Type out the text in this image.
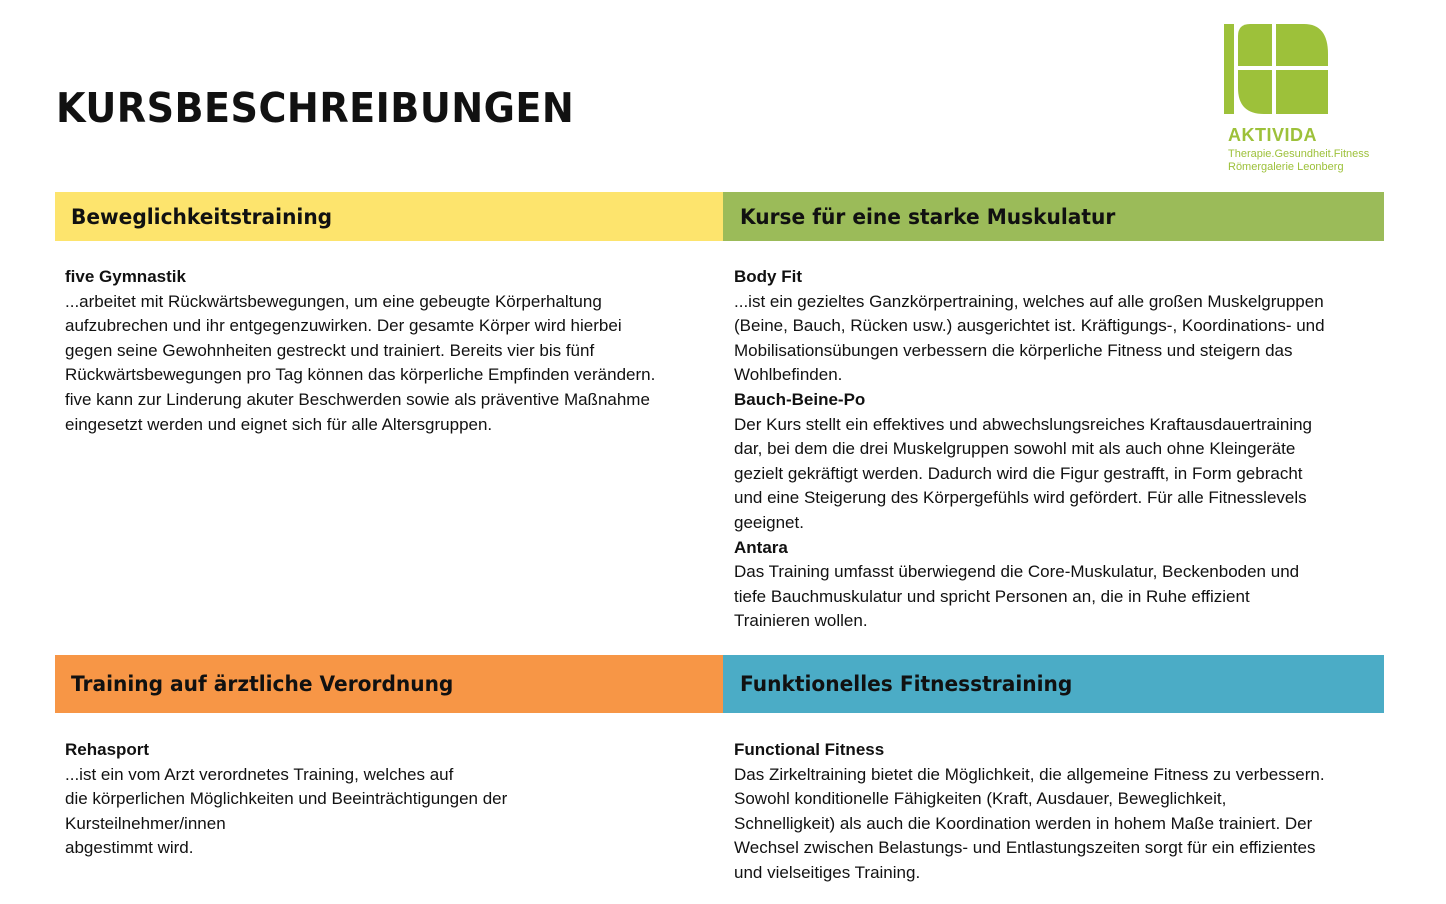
KURSBESCHREIBUNGEN
AKTIVIDA
Therapie.Gesundheit.Fitness
Römergalerie Leonberg
Beweglichkeitstraining	Kurse für eine starke Muskulatur
five Gymnastik
...arbeitet mit Rückwärtsbewegungen, um eine gebeugte Körperhaltung
aufzubrechen und ihr entgegenzuwirken. Der gesamte Körper wird hierbei
gegen seine Gewohnheiten gestreckt und trainiert. Bereits vier bis fünf
Rückwärtsbewegungen pro Tag können das körperliche Empfinden verändern.
five kann zur Linderung akuter Beschwerden sowie als präventive Maßnahme
eingesetzt werden und eignet sich für alle Altersgruppen.
Body Fit
...ist ein gezieltes Ganzkörpertraining, welches auf alle großen Muskelgruppen
(Beine, Bauch, Rücken usw.) ausgerichtet ist. Kräftigungs-, Koordinations- und
Mobilisationsübungen verbessern die körperliche Fitness und steigern das
Wohlbefinden.
Bauch-Beine-Po
Der Kurs stellt ein effektives und abwechslungsreiches Kraftausdauertraining
dar, bei dem die drei Muskelgruppen sowohl mit als auch ohne Kleingeräte
gezielt gekräftigt werden. Dadurch wird die Figur gestrafft, in Form gebracht
und eine Steigerung des Körpergefühls wird gefördert. Für alle Fitnesslevels
geeignet.
Antara
Das Training umfasst überwiegend die Core-Muskulatur, Beckenboden und
tiefe Bauchmuskulatur und spricht Personen an, die in Ruhe effizient
Trainieren wollen.
Training auf ärztliche Verordnung	Funktionelles Fitnesstraining
Rehasport
...ist ein vom Arzt verordnetes Training, welches auf
die körperlichen Möglichkeiten und Beeinträchtigungen der
Kursteilnehmer/innen
abgestimmt wird.
Functional Fitness
Das Zirkeltraining bietet die Möglichkeit, die allgemeine Fitness zu verbessern.
Sowohl konditionelle Fähigkeiten (Kraft, Ausdauer, Beweglichkeit,
Schnelligkeit) als auch die Koordination werden in hohem Maße trainiert. Der
Wechsel zwischen Belastungs- und Entlastungszeiten sorgt für ein effizientes
und vielseitiges Training.
